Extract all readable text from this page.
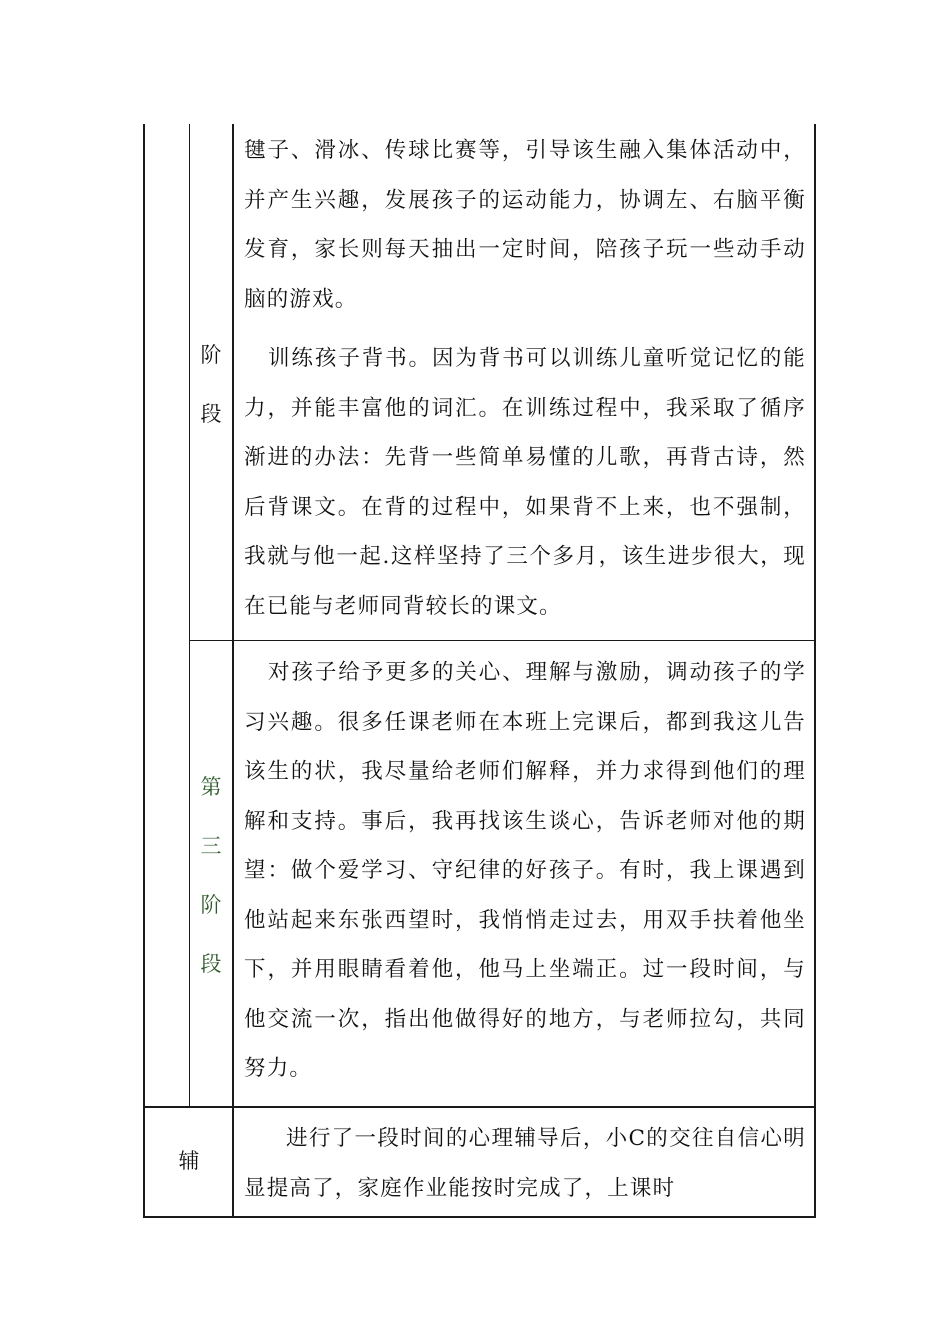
阶
段
毽子、滑冰、传球比赛等，引导该生融入集体活动中，并产生兴趣，发展孩子的运动能力，协调左、右脑平衡发育，家长则每天抽出一定时间，陪孩子玩一些动手动脑的游戏。
训练孩子背书。因为背书可以训练儿童听觉记忆的能力，并能丰富他的词汇。在训练过程中，我采取了循序渐进的办法：先背一些简单易懂的儿歌，再背古诗，然后背课文。在背的过程中，如果背不上来，也不强制，我就与他一起.这样坚持了三个多月，该生进步很大，现在已能与老师同背较长的课文。
第
三
阶
段
对孩子给予更多的关心、理解与激励，调动孩子的学习兴趣。很多任课老师在本班上完课后，都到我这儿告该生的状，我尽量给老师们解释，并力求得到他们的理解和支持。事后，我再找该生谈心，告诉老师对他的期望：做个爱学习、守纪律的好孩子。有时，我上课遇到他站起来东张西望时，我悄悄走过去，用双手扶着他坐下，并用眼睛看着他，他马上坐端正。过一段时间，与他交流一次，指出他做得好的地方，与老师拉勾，共同努力。
辅
进行了一段时间的心理辅导后，小C的交往自信心明显提高了，家庭作业能按时完成了，上课时
